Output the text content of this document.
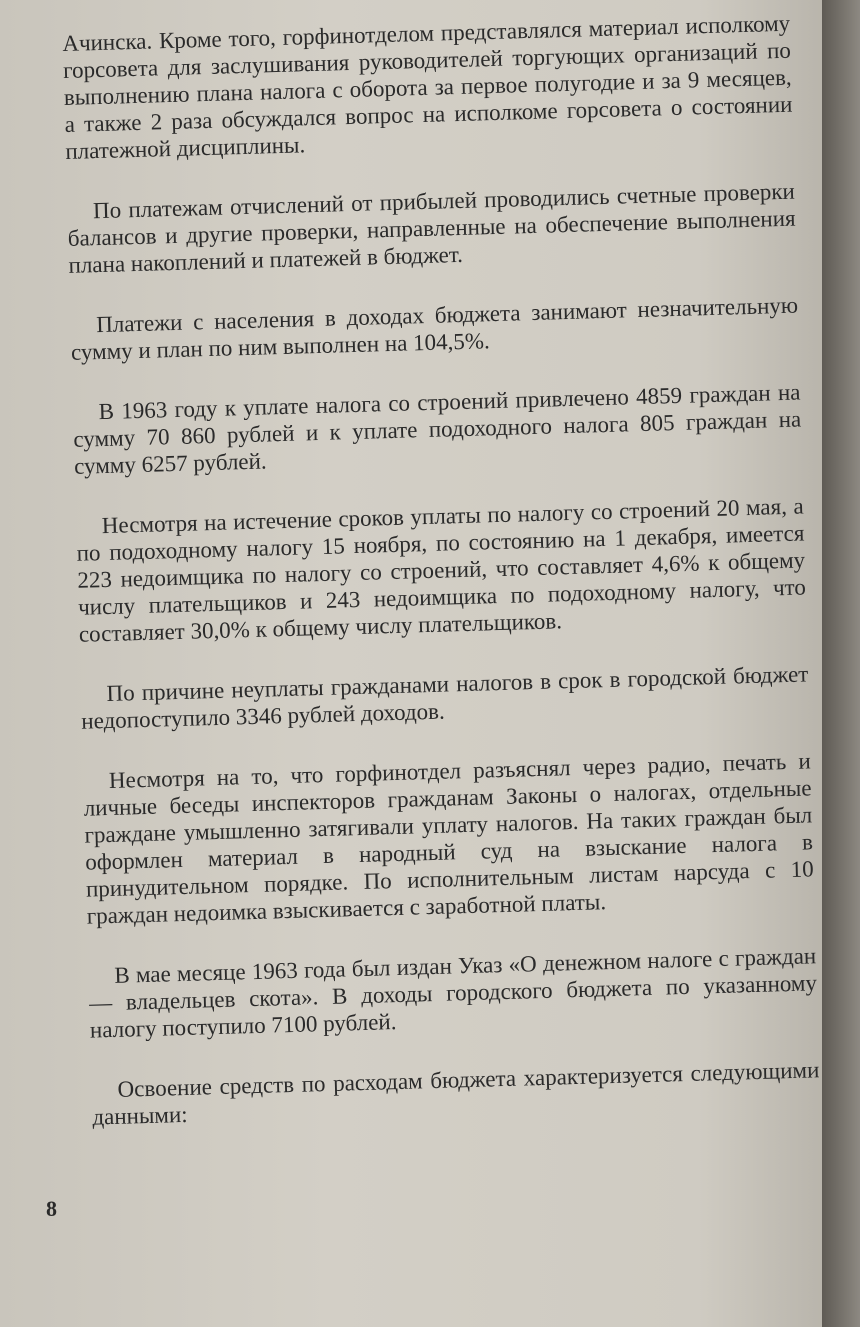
Ачинска. Кроме того, горфинотделом представлялся материал исполкому горсовета для заслушивания руководителей торгующих организаций по выполнению плана налога с оборота за первое полугодие и за 9 месяцев, а также 2 раза обсуждался вопрос на исполкоме горсовета о состоянии платежной дисциплины.

По платежам отчислений от прибылей проводились счетные проверки балансов и другие проверки, направленные на обеспечение выполнения плана накоплений и платежей в бюджет.

Платежи с населения в доходах бюджета занимают незначительную сумму и план по ним выполнен на 104,5%.

В 1963 году к уплате налога со строений привлечено 4859 граждан на сумму 70 860 рублей и к уплате подоходного налога 805 граждан на сумму 6257 рублей.

Несмотря на истечение сроков уплаты по налогу со строений 20 мая, а по подоходному налогу 15 ноября, по состоянию на 1 декабря, имеется 223 недоимщика по налогу со строений, что составляет 4,6% к общему числу плательщиков и 243 недоимщика по подоходному налогу, что составляет 30,0% к общему числу плательщиков.

По причине неуплаты гражданами налогов в срок в городской бюджет недопоступило 3346 рублей доходов.

Несмотря на то, что горфинотдел разъяснял через радио, печать и личные беседы инспекторов гражданам Законы о налогах, отдельные граждане умышленно затягивали уплату налогов. На таких граждан был оформлен материал в народный суд на взыскание налога в принудительном порядке. По исполнительным листам нарсуда с 10 граждан недоимка взыскивается с заработной платы.

В мае месяце 1963 года был издан Указ «О денежном налоге с граждан — владельцев скота». В доходы городского бюджета по указанному налогу поступило 7100 рублей.

Освоение средств по расходам бюджета характеризуется следующими данными:

8
